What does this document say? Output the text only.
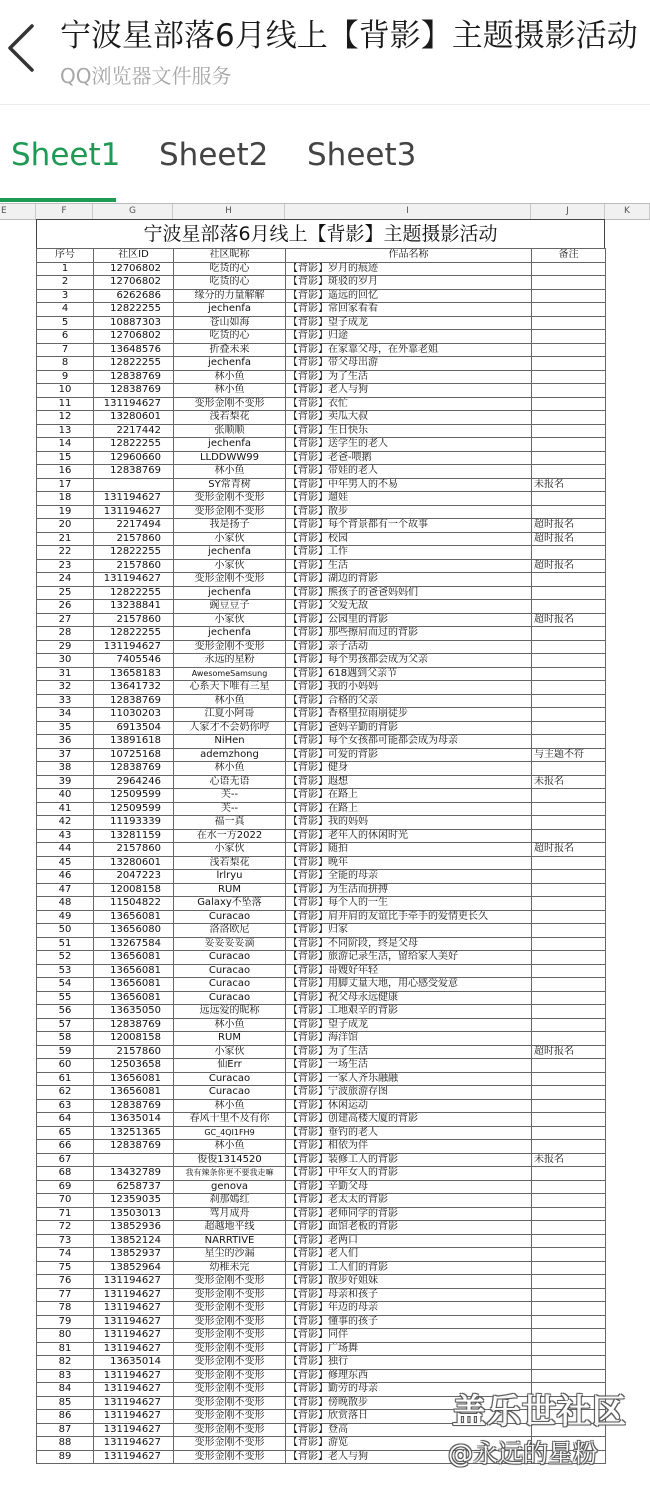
宁波星部落6月线上【背影】主题摄影活动
QQ浏览器文件服务
Sheet1 Sheet2 Sheet3
E	F	G	H	I	J	K
宁波星部落6月线上【背影】主题摄影活动
序号	社区ID	社区昵称	作品名称	备注
1	12706802	吃货的心	【背影】岁月的痕迹	
2	12706802	吃货的心	【背影】斑驳的岁月	
3	6262686	缘分的力量解解	【背影】遥远的回忆	
4	12822255	jechenfa	【背影】常回家看看	
5	10887303	苍山如海	【背影】望子成龙	
6	12706802	吃货的心	【背影】归途	
7	13648576	折叠未来	【背影】在家靠父母，在外靠老姐	
8	12822255	jechenfa	【背影】带父母出游	
9	12838769	林小鱼	【背影】为了生活	
10	12838769	林小鱼	【背影】老人与狗	
11	131194627	变形金刚不变形	【背影】衣忙	
12	13280601	浅若梨花	【背影】卖瓜大叔	
13	2217442	张顺顺	【背影】生日快乐	
14	12822255	jechenfa	【背影】送学生的老人	
15	12960660	LLDDWW99	【背影】老爸-喂鹅	
16	12838769	林小鱼	【背影】带娃的老人	
17		SY常青树	【背影】中年男人的不易	未报名
18	131194627	变形金刚不变形	【背影】遛娃	
19	131194627	变形金刚不变形	【背影】散步	
20	2217494	我是扬子	【背影】每个背景都有一个故事	超时报名
21	2157860	小家伙	【背影】校园	超时报名
22	12822255	jechenfa	【背影】工作	
23	2157860	小家伙	【背影】生活	超时报名
24	131194627	变形金刚不变形	【背影】湖边的背影	
25	12822255	jechenfa	【背影】熊孩子的爸爸妈妈们	
26	13238841	豌豆豆子	【背影】父爱无敌	
27	2157860	小家伙	【背影】公园里的背影	超时报名
28	12822255	jechenfa	【背影】那些擦肩而过的背影	
29	131194627	变形金刚不变形	【背影】亲子活动	
30	7405546	永远的星粉	【背影】每个男孩都会成为父亲	
31	13658183	AwesomeSamsung	【背影】618遇到父亲节	
32	13641732	心系天下唯有三星	【背影】我的小妈妈	
33	12838769	林小鱼	【背影】合格的父亲	
34	11030203	江夏小阿哥	【背影】香格里拉雨崩徒步	
35	6913504	人家才不会奶你哼	【背影】爸妈辛勤的背影	
36	13891618	NiHen	【背影】每个女孩都可能都会成为母亲	
37	10725168	ademzhong	【背影】可爱的背影	与主题不符
38	12838769	林小鱼	【背影】健身	
39	2964246	心语无语	【背影】遐想	未报名
40	12509599	芙--	【背影】在路上	
41	12509599	芙--	【背影】在路上	
42	11193339	福一真	【背影】我的妈妈	
43	13281159	在水一方2022	【背影】老年人的休闲时光	
44	2157860	小家伙	【背影】随拍	超时报名
45	13280601	浅若梨花	【背影】晚年	
46	2047223	lrlryu	【背影】全能的母亲	
47	12008158	RUM	【背影】为生活而拼搏	
48	11504822	Galaxy不坠落	【背影】每个人的一生	
49	13656081	Curacao	【背影】肩并肩的友谊比手牵手的爱情更长久	
50	13656080	洛洛欧尼	【背影】归家	
51	13267584	妥妥妥妥滴	【背影】不同阶段，终是父母	
52	13656081	Curacao	【背影】旅游记录生活，留给家人美好	
53	13656081	Curacao	【背影】哥嫂好年轻	
54	13656081	Curacao	【背影】用脚丈量大地，用心感受爱意	
55	13656081	Curacao	【背影】祝父母永远健康	
56	13635050	远远爱的昵称	【背影】工地艰辛的背影	
57	12838769	林小鱼	【背影】望子成龙	
58	12008158	RUM	【背影】海洋馆	
59	2157860	小家伙	【背影】为了生活	超时报名
60	12503658	仙Err	【背影】一场生活	
61	13656081	Curacao	【背影】一家人齐乐融融	
62	13656081	Curacao	【背影】宁波旅游存图	
63	12838769	林小鱼	【背影】休闲运动	
64	13635014	春风十里不及有你	【背影】创建高楼大厦的背影	
65	13251365	GC_4QI1FH9	【背影】垂钓的老人	
66	12838769	林小鱼	【背影】相依为伴	
67		俊俊1314520	【背影】装修工人的背影	未报名
68	13432789	我有辣条你更不要我走嘛	【背影】中年女人的背影	
69	6258737	genova	【背影】辛勤父母	
70	12359035	刹那嫣红	【背影】老太太的背影	
71	13503013	驾月成舟	【背影】老师同学的背影	
72	13852936	超越地平线	【背影】面馆老板的背影	
73	13852124	NARRTIVE	【背影】老两口	
74	13852937	星尘的沙漏	【背影】老人们	
75	13852964	幼稚未完	【背影】工人们的背影	
76	131194627	变形金刚不变形	【背影】散步好姐妹	
77	131194627	变形金刚不变形	【背影】母亲和孩子	
78	131194627	变形金刚不变形	【背影】年迈的母亲	
79	131194627	变形金刚不变形	【背影】懂事的孩子	
80	131194627	变形金刚不变形	【背影】同伴	
81	131194627	变形金刚不变形	【背影】广场舞	
82	13635014	变形金刚不变形	【背影】独行	
83	131194627	变形金刚不变形	【背影】修理东西	
84	131194627	变形金刚不变形	【背影】勤劳的母亲	
85	131194627	变形金刚不变形	【背影】傍晚散步	
86	131194627	变形金刚不变形	【背影】欣赏落日	
87	131194627	变形金刚不变形	【背影】登高	
88	131194627	变形金刚不变形	【背影】游览	
89	131194627	变形金刚不变形	【背影】老人与狗	
盖乐世社区
@永远的星粉
